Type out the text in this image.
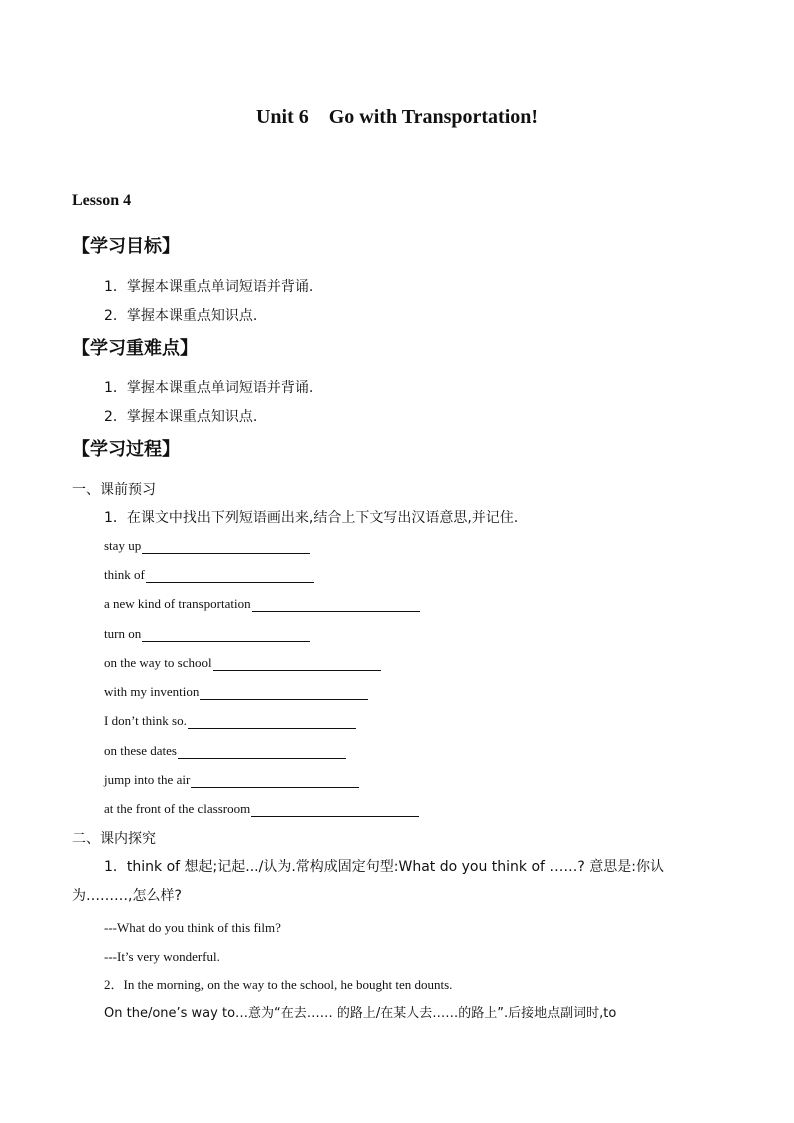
Unit 6    Go with Transportation!
Lesson 4
【学习目标】
1．掌握本课重点单词短语并背诵.
2．掌握本课重点知识点.
【学习重难点】
1．掌握本课重点单词短语并背诵.
2．掌握本课重点知识点.
【学习过程】
一、课前预习
1．在课文中找出下列短语画出来,结合上下文写出汉语意思,并记住.
stay up
think of
a new kind of transportation
turn on
on the way to school
with my invention
I don’t think so.
on these dates
jump into the air
at the front of the classroom
二、课内探究
1．think of 想起;记起.../认为.常构成固定句型:What do you think of ……? 意思是:你认
为………,怎么样?
---What do you think of this film?
---It’s very wonderful.
2．In the morning, on the way to the school, he bought ten dounts.
On the/one’s way to…意为“在去…… 的路上/在某人去……的路上”.后接地点副词时,to
